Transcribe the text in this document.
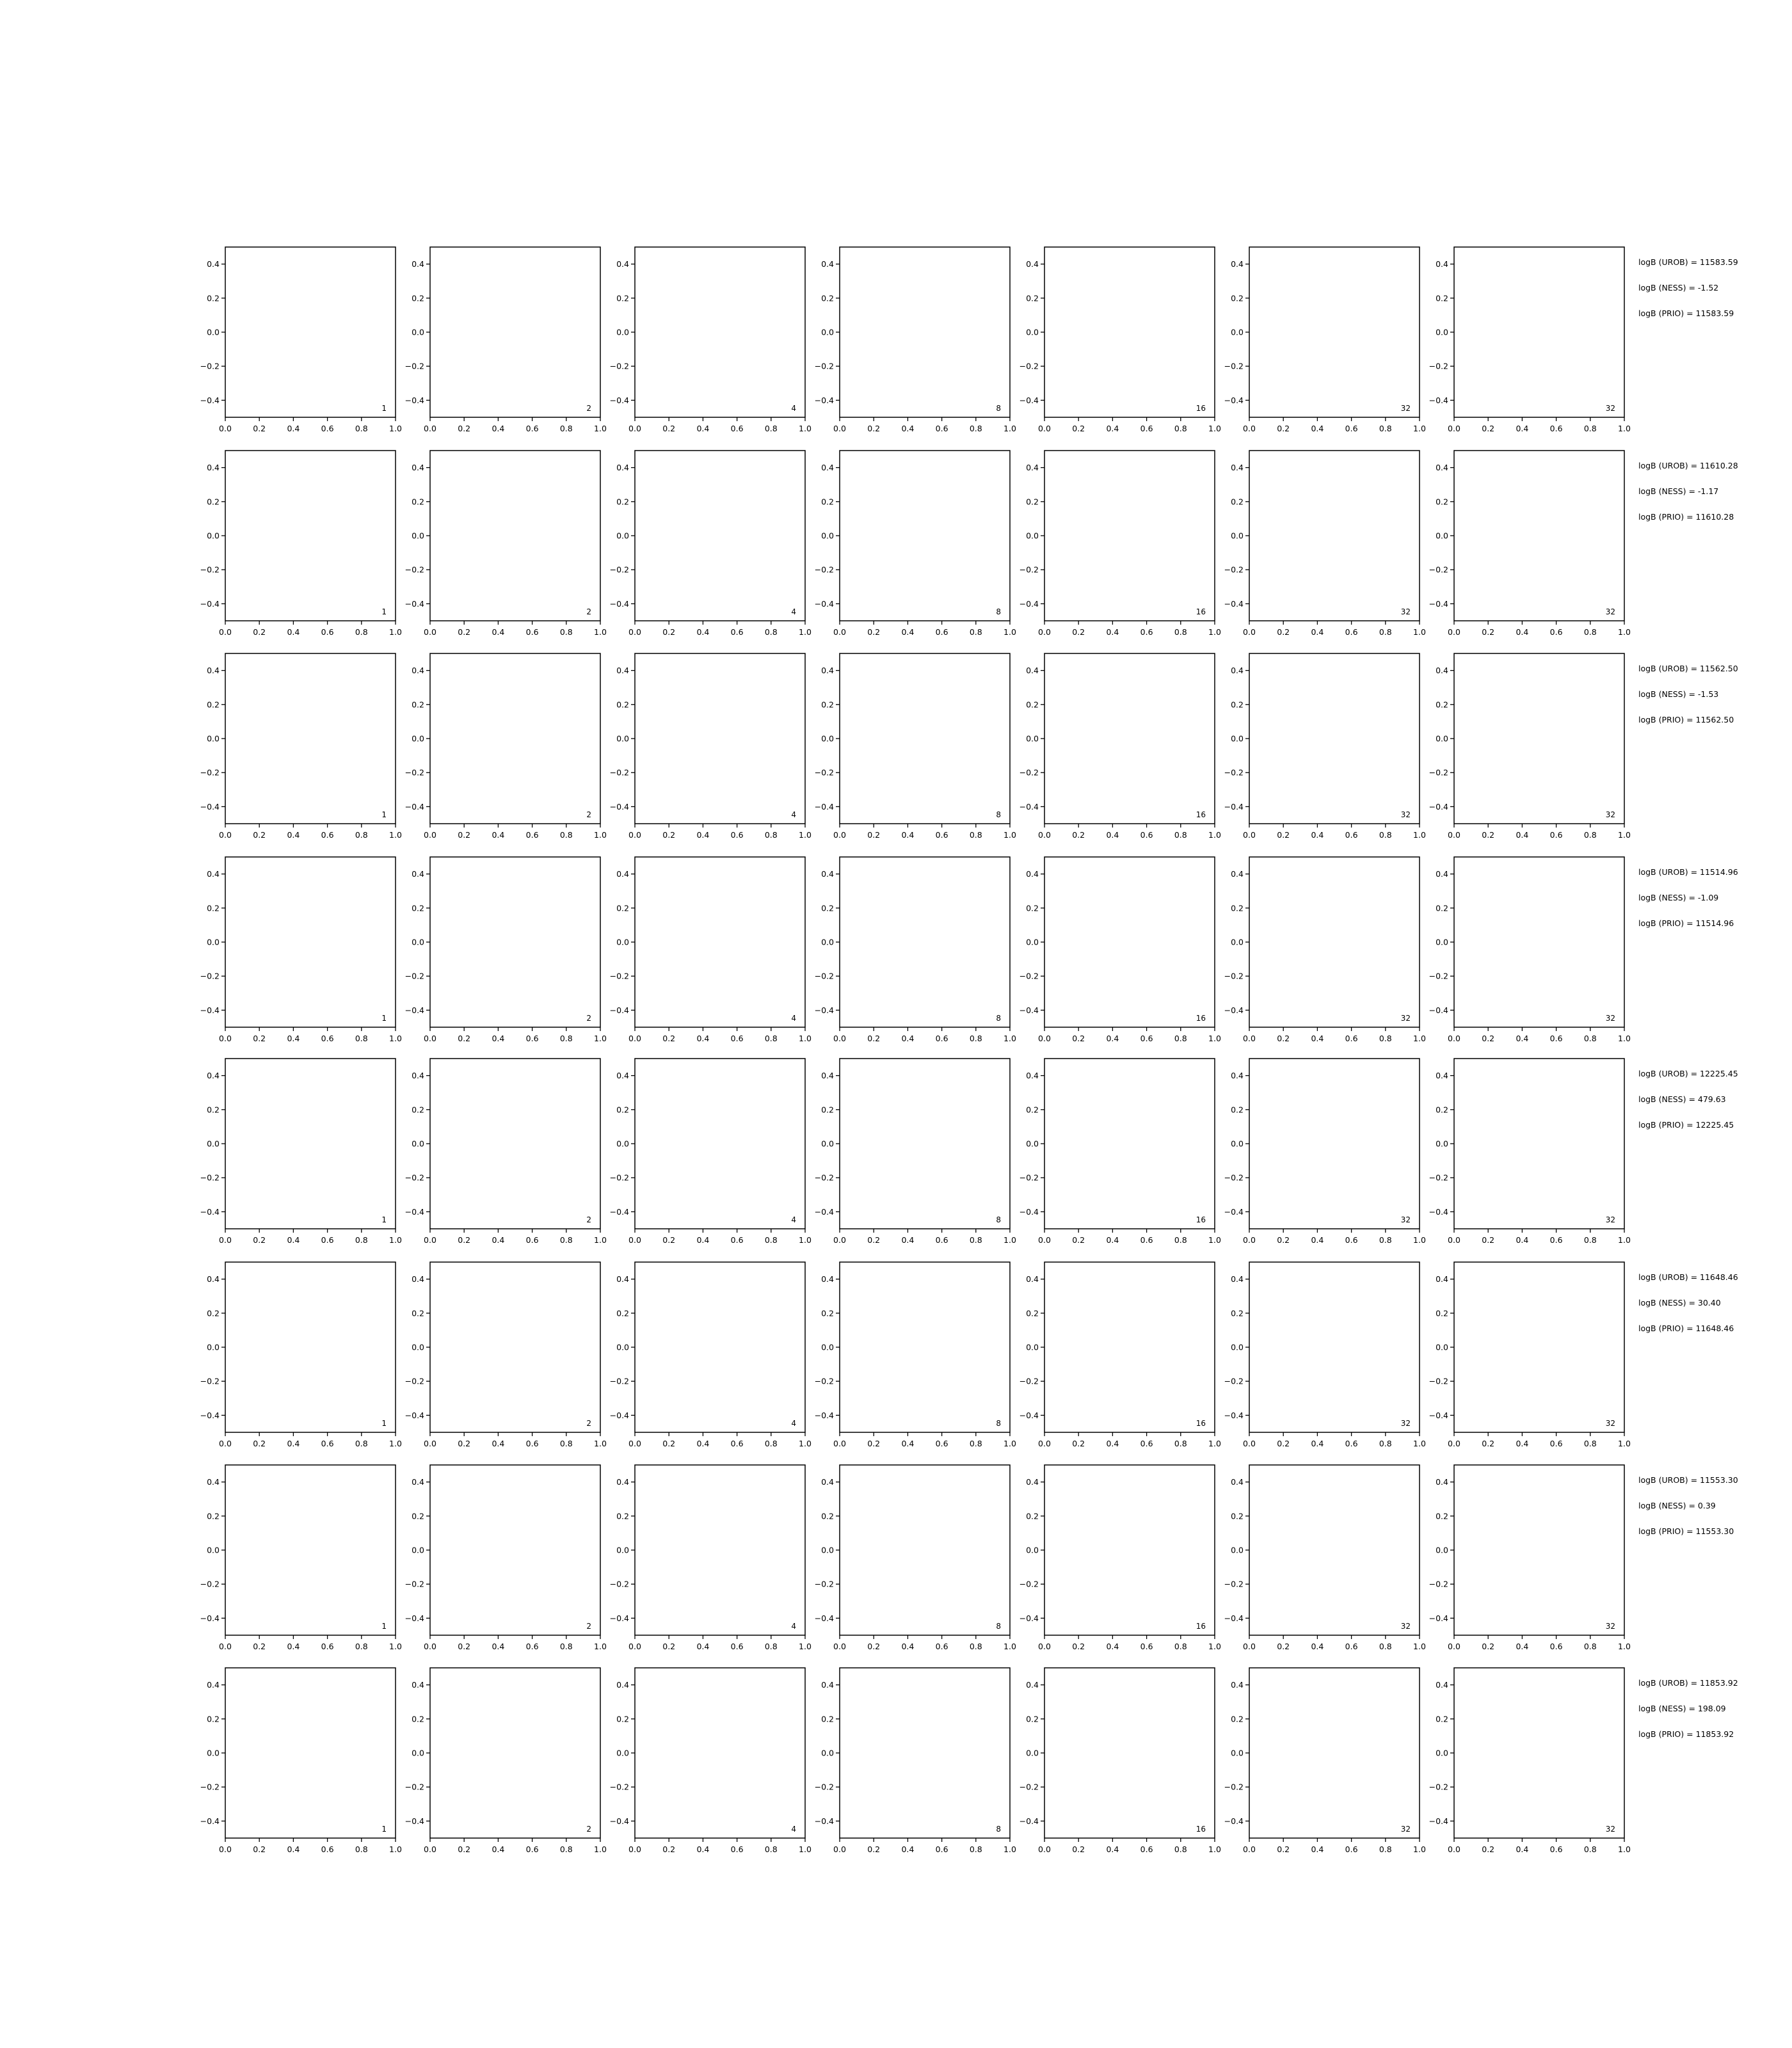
1
0.4
0.2
0.0
−0.2
−0.4
0.0	0.2	0.4	0.6	0.8	1.0
2
0.4
0.2
0.0
−0.2
−0.4
0.0	0.2	0.4	0.6	0.8	1.0
4
0.4
0.2
0.0
−0.2
−0.4
0.0	0.2	0.4	0.6	0.8	1.0
8
0.4
0.2
0.0
−0.2
−0.4
0.0	0.2	0.4	0.6	0.8	1.0
16
0.4
0.2
0.0
−0.2
−0.4
0.0	0.2	0.4	0.6	0.8	1.0
32
0.4
0.2
0.0
−0.2
−0.4
0.0	0.2	0.4	0.6	0.8	1.0
32
0.4
0.2
0.0
−0.2
−0.4
0.0	0.2	0.4	0.6	0.8	1.0
1
0.4
0.2
0.0
−0.2
−0.4
0.0	0.2	0.4	0.6	0.8	1.0
2
0.4
0.2
0.0
−0.2
−0.4
0.0	0.2	0.4	0.6	0.8	1.0
4
0.4
0.2
0.0
−0.2
−0.4
0.0	0.2	0.4	0.6	0.8	1.0
8
0.4
0.2
0.0
−0.2
−0.4
0.0	0.2	0.4	0.6	0.8	1.0
16
0.4
0.2
0.0
−0.2
−0.4
0.0	0.2	0.4	0.6	0.8	1.0
32
0.4
0.2
0.0
−0.2
−0.4
0.0	0.2	0.4	0.6	0.8	1.0
32
0.4
0.2
0.0
−0.2
−0.4
0.0	0.2	0.4	0.6	0.8	1.0
1
0.4
0.2
0.0
−0.2
−0.4
0.0	0.2	0.4	0.6	0.8	1.0
2
0.4
0.2
0.0
−0.2
−0.4
0.0	0.2	0.4	0.6	0.8	1.0
4
0.4
0.2
0.0
−0.2
−0.4
0.0	0.2	0.4	0.6	0.8	1.0
8
0.4
0.2
0.0
−0.2
−0.4
0.0	0.2	0.4	0.6	0.8	1.0
16
0.4
0.2
0.0
−0.2
−0.4
0.0	0.2	0.4	0.6	0.8	1.0
32
0.4
0.2
0.0
−0.2
−0.4
0.0	0.2	0.4	0.6	0.8	1.0
32
0.4
0.2
0.0
−0.2
−0.4
0.0	0.2	0.4	0.6	0.8	1.0
1
0.4
0.2
0.0
−0.2
−0.4
0.0	0.2	0.4	0.6	0.8	1.0
2
0.4
0.2
0.0
−0.2
−0.4
0.0	0.2	0.4	0.6	0.8	1.0
4
0.4
0.2
0.0
−0.2
−0.4
0.0	0.2	0.4	0.6	0.8	1.0
8
0.4
0.2
0.0
−0.2
−0.4
0.0	0.2	0.4	0.6	0.8	1.0
16
0.4
0.2
0.0
−0.2
−0.4
0.0	0.2	0.4	0.6	0.8	1.0
32
0.4
0.2
0.0
−0.2
−0.4
0.0	0.2	0.4	0.6	0.8	1.0
32
0.4
0.2
0.0
−0.2
−0.4
0.0	0.2	0.4	0.6	0.8	1.0
1
0.4
0.2
0.0
−0.2
−0.4
0.0	0.2	0.4	0.6	0.8	1.0
2
0.4
0.2
0.0
−0.2
−0.4
0.0	0.2	0.4	0.6	0.8	1.0
4
0.4
0.2
0.0
−0.2
−0.4
0.0	0.2	0.4	0.6	0.8	1.0
8
0.4
0.2
0.0
−0.2
−0.4
0.0	0.2	0.4	0.6	0.8	1.0
16
0.4
0.2
0.0
−0.2
−0.4
0.0	0.2	0.4	0.6	0.8	1.0
32
0.4
0.2
0.0
−0.2
−0.4
0.0	0.2	0.4	0.6	0.8	1.0
32
0.4
0.2
0.0
−0.2
−0.4
0.0	0.2	0.4	0.6	0.8	1.0
1
0.4
0.2
0.0
−0.2
−0.4
0.0	0.2	0.4	0.6	0.8	1.0
2
0.4
0.2
0.0
−0.2
−0.4
0.0	0.2	0.4	0.6	0.8	1.0
4
0.4
0.2
0.0
−0.2
−0.4
0.0	0.2	0.4	0.6	0.8	1.0
8
0.4
0.2
0.0
−0.2
−0.4
0.0	0.2	0.4	0.6	0.8	1.0
16
0.4
0.2
0.0
−0.2
−0.4
0.0	0.2	0.4	0.6	0.8	1.0
32
0.4
0.2
0.0
−0.2
−0.4
0.0	0.2	0.4	0.6	0.8	1.0
32
0.4
0.2
0.0
−0.2
−0.4
0.0	0.2	0.4	0.6	0.8	1.0
1
0.4
0.2
0.0
−0.2
−0.4
0.0	0.2	0.4	0.6	0.8	1.0
2
0.4
0.2
0.0
−0.2
−0.4
0.0	0.2	0.4	0.6	0.8	1.0
4
0.4
0.2
0.0
−0.2
−0.4
0.0	0.2	0.4	0.6	0.8	1.0
8
0.4
0.2
0.0
−0.2
−0.4
0.0	0.2	0.4	0.6	0.8	1.0
16
0.4
0.2
0.0
−0.2
−0.4
0.0	0.2	0.4	0.6	0.8	1.0
32
0.4
0.2
0.0
−0.2
−0.4
0.0	0.2	0.4	0.6	0.8	1.0
32
0.4
0.2
0.0
−0.2
−0.4
0.0	0.2	0.4	0.6	0.8	1.0
1
0.4
0.2
0.0
−0.2
−0.4
0.0	0.2	0.4	0.6	0.8	1.0
2
0.4
0.2
0.0
−0.2
−0.4
0.0	0.2	0.4	0.6	0.8	1.0
4
0.4
0.2
0.0
−0.2
−0.4
0.0	0.2	0.4	0.6	0.8	1.0
8
0.4
0.2
0.0
−0.2
−0.4
0.0	0.2	0.4	0.6	0.8	1.0
16
0.4
0.2
0.0
−0.2
−0.4
0.0	0.2	0.4	0.6	0.8	1.0
32
0.4
0.2
0.0
−0.2
−0.4
0.0	0.2	0.4	0.6	0.8	1.0
32
0.4
0.2
0.0
−0.2
−0.4
0.0	0.2	0.4	0.6	0.8	1.0
logB (UROB) = 11583.59
logB (NESS) = -1.52
logB (PRIO) = 11583.59
logB (UROB) = 11610.28
logB (NESS) = -1.17
logB (PRIO) = 11610.28
logB (UROB) = 11562.50
logB (NESS) = -1.53
logB (PRIO) = 11562.50
logB (UROB) = 11514.96
logB (NESS) = -1.09
logB (PRIO) = 11514.96
logB (UROB) = 12225.45
logB (NESS) = 479.63
logB (PRIO) = 12225.45
logB (UROB) = 11648.46
logB (NESS) = 30.40
logB (PRIO) = 11648.46
logB (UROB) = 11553.30
logB (NESS) = 0.39
logB (PRIO) = 11553.30
logB (UROB) = 11853.92
logB (NESS) = 198.09
logB (PRIO) = 11853.92
